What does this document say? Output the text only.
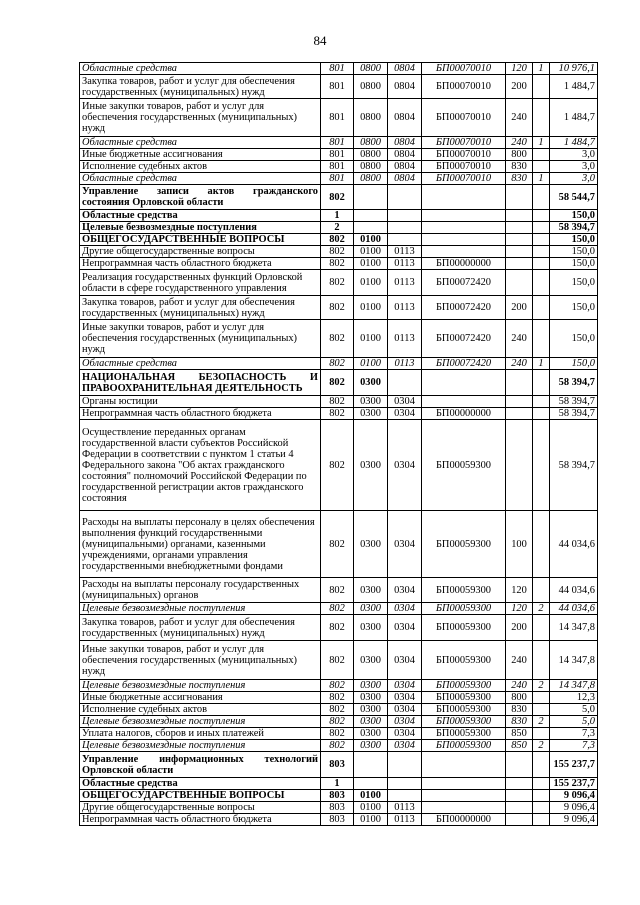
84
Областные средства	801	0800	0804	БП00070010	120	1	10 976,1
Закупка товаров, работ и услуг для обеспечения государственных (муниципальных) нужд	801	0800	0804	БП00070010	200		1 484,7
Иные закупки товаров, работ и услуг для обеспечения государственных (муниципальных) нужд	801	0800	0804	БП00070010	240		1 484,7
Областные средства	801	0800	0804	БП00070010	240	1	1 484,7
Иные бюджетные ассигнования	801	0800	0804	БП00070010	800		3,0
Исполнение судебных актов	801	0800	0804	БП00070010	830		3,0
Областные средства	801	0800	0804	БП00070010	830	1	3,0
Управление записи актов гражданского состояния Орловской области	802						58 544,7
Областные средства	1						150,0
Целевые безвозмездные поступления	2						58 394,7
ОБЩЕГОСУДАРСТВЕННЫЕ ВОПРОСЫ	802	0100					150,0
Другие общегосударственные вопросы	802	0100	0113				150,0
Непрограммная часть областного бюджета	802	0100	0113	БП00000000			150,0
Реализация государственных функций Орловской области в сфере государственного управления	802	0100	0113	БП00072420			150,0
Закупка товаров, работ и услуг для обеспечения государственных (муниципальных) нужд	802	0100	0113	БП00072420	200		150,0
Иные закупки товаров, работ и услуг для обеспечения государственных (муниципальных) нужд	802	0100	0113	БП00072420	240		150,0
Областные средства	802	0100	0113	БП00072420	240	1	150,0
НАЦИОНАЛЬНАЯ БЕЗОПАСНОСТЬ И ПРАВООХРАНИТЕЛЬНАЯ ДЕЯТЕЛЬНОСТЬ	802	0300					58 394,7
Органы юстиции	802	0300	0304				58 394,7
Непрограммная часть областного бюджета	802	0300	0304	БП00000000			58 394,7
Осуществление переданных органам государственной власти субъектов Российской Федерации в соответствии с пунктом 1 статьи 4 Федерального закона "Об актах гражданского состояния" полномочий Российской Федерации по государственной регистрации актов гражданского состояния	802	0300	0304	БП00059300			58 394,7
Расходы на выплаты персоналу в целях обеспечения выполнения функций государственными (муниципальными) органами, казенными учреждениями, органами управления государственными внебюджетными фондами	802	0300	0304	БП00059300	100		44 034,6
Расходы на выплаты персоналу государственных (муниципальных) органов	802	0300	0304	БП00059300	120		44 034,6
Целевые безвозмездные поступления	802	0300	0304	БП00059300	120	2	44 034,6
Закупка товаров, работ и услуг для обеспечения государственных (муниципальных) нужд	802	0300	0304	БП00059300	200		14 347,8
Иные закупки товаров, работ и услуг для обеспечения государственных (муниципальных) нужд	802	0300	0304	БП00059300	240		14 347,8
Целевые безвозмездные поступления	802	0300	0304	БП00059300	240	2	14 347,8
Иные бюджетные ассигнования	802	0300	0304	БП00059300	800		12,3
Исполнение судебных актов	802	0300	0304	БП00059300	830		5,0
Целевые безвозмездные поступления	802	0300	0304	БП00059300	830	2	5,0
Уплата налогов, сборов и иных платежей	802	0300	0304	БП00059300	850		7,3
Целевые безвозмездные поступления	802	0300	0304	БП00059300	850	2	7,3
Управление информационных технологий Орловской области	803						155 237,7
Областные средства	1						155 237,7
ОБЩЕГОСУДАРСТВЕННЫЕ ВОПРОСЫ	803	0100					9 096,4
Другие общегосударственные вопросы	803	0100	0113				9 096,4
Непрограммная часть областного бюджета	803	0100	0113	БП00000000			9 096,4
